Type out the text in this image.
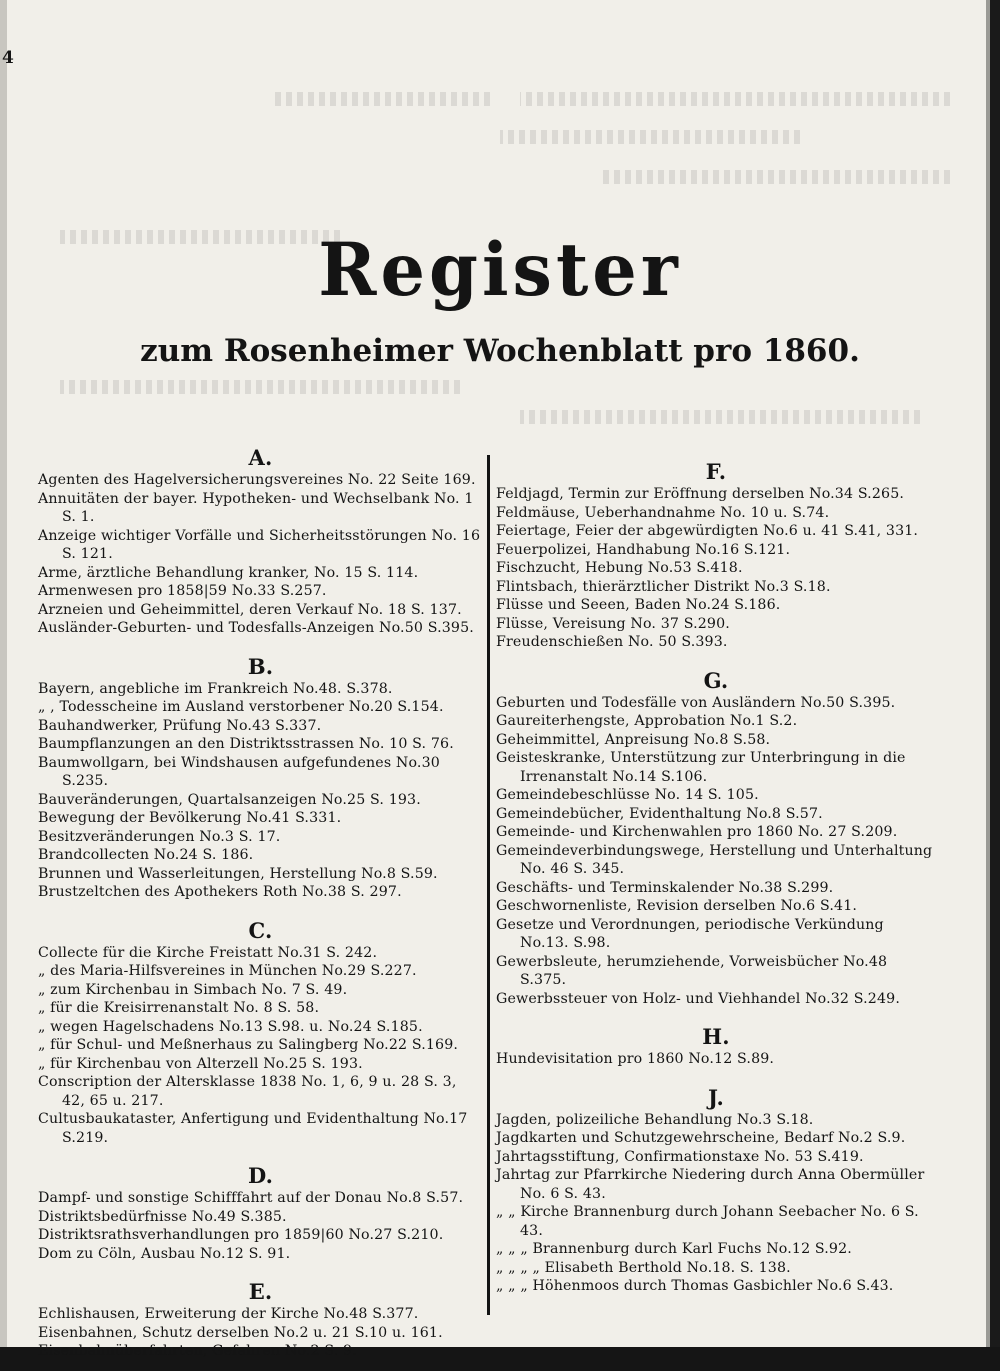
4
Register
zum Rosenheimer Wochenblatt pro 1860.
A.
Agenten des Hagelversicherungsvereines No. 22 Seite 169.
Annuitäten der bayer. Hypotheken- und Wechselbank No. 1 S. 1.
Anzeige wichtiger Vorfälle und Sicherheitsstörungen No. 16 S. 121.
Arme, ärztliche Behandlung kranker, No. 15 S. 114.
Armenwesen pro 1858|59 No.33 S.257.
Arzneien und Geheimmittel, deren Verkauf No. 18 S. 137.
Ausländer-Geburten- und Todesfalls-Anzeigen No.50 S.395.
B.
Bayern, angebliche im Frankreich No.48. S.378.
„ , Todesscheine im Ausland verstorbener No.20 S.154.
Bauhandwerker, Prüfung No.43 S.337.
Baumpflanzungen an den Distriktsstrassen No. 10 S. 76.
Baumwollgarn, bei Windshausen aufgefundenes No.30 S.235.
Bauveränderungen, Quartalsanzeigen No.25 S. 193.
Bewegung der Bevölkerung No.41 S.331.
Besitzveränderungen No.3 S. 17.
Brandcollecten No.24 S. 186.
Brunnen und Wasserleitungen, Herstellung No.8 S.59.
Brustzeltchen des Apothekers Roth No.38 S. 297.
C.
Collecte für die Kirche Freistatt No.31 S. 242.
„ des Maria-Hilfsvereines in München No.29 S.227.
„ zum Kirchenbau in Simbach No. 7 S. 49.
„ für die Kreisirrenanstalt No. 8 S. 58.
„ wegen Hagelschadens No.13 S.98. u. No.24 S.185.
„ für Schul- und Meßnerhaus zu Salingberg No.22 S.169.
„ für Kirchenbau von Alterzell No.25 S. 193.
Conscription der Altersklasse 1838 No. 1, 6, 9 u. 28 S. 3, 42, 65 u. 217.
Cultusbaukataster, Anfertigung und Evidenthaltung No.17 S.219.
D.
Dampf- und sonstige Schifffahrt auf der Donau No.8 S.57.
Distriktsbedürfnisse No.49 S.385.
Distriktsrathsverhandlungen pro 1859|60 No.27 S.210.
Dom zu Cöln, Ausbau No.12 S. 91.
E.
Echlishausen, Erweiterung der Kirche No.48 S.377.
Eisenbahnen, Schutz derselben No.2 u. 21 S.10 u. 161.
Eisenbahnüberfahrten, Gefahren No.2 S. 9.
F.
Feldjagd, Termin zur Eröffnung derselben No.34 S.265.
Feldmäuse, Ueberhandnahme No. 10 u. S.74.
Feiertage, Feier der abgewürdigten No.6 u. 41 S.41, 331.
Feuerpolizei, Handhabung No.16 S.121.
Fischzucht, Hebung No.53 S.418.
Flintsbach, thierärztlicher Distrikt No.3 S.18.
Flüsse und Seeen, Baden No.24 S.186.
Flüsse, Vereisung No. 37 S.290.
Freudenschießen No. 50 S.393.
G.
Geburten und Todesfälle von Ausländern No.50 S.395.
Gaureiterhengste, Approbation No.1 S.2.
Geheimmittel, Anpreisung No.8 S.58.
Geisteskranke, Unterstützung zur Unterbringung in die Irrenanstalt No.14 S.106.
Gemeindebeschlüsse No. 14 S. 105.
Gemeindebücher, Evidenthaltung No.8 S.57.
Gemeinde- und Kirchenwahlen pro 1860 No. 27 S.209.
Gemeindeverbindungswege, Herstellung und Unterhaltung No. 46 S. 345.
Geschäfts- und Terminskalender No.38 S.299.
Geschwornenliste, Revision derselben No.6 S.41.
Gesetze und Verordnungen, periodische Verkündung No.13. S.98.
Gewerbsleute, herumziehende, Vorweisbücher No.48 S.375.
Gewerbssteuer von Holz- und Viehhandel No.32 S.249.
H.
Hundevisitation pro 1860 No.12 S.89.
J.
Jagden, polizeiliche Behandlung No.3 S.18.
Jagdkarten und Schutzgewehrscheine, Bedarf No.2 S.9.
Jahrtagsstiftung, Confirmationstaxe No. 53 S.419.
Jahrtag zur Pfarrkirche Niedering durch Anna Obermüller No. 6 S. 43.
„ „ Kirche Brannenburg durch Johann Seebacher No. 6 S. 43.
„ „ „ Brannenburg durch Karl Fuchs No.12 S.92.
„ „ „ „ Elisabeth Berthold No.18. S. 138.
„ „ „ Höhenmoos durch Thomas Gasbichler No.6 S.43.
